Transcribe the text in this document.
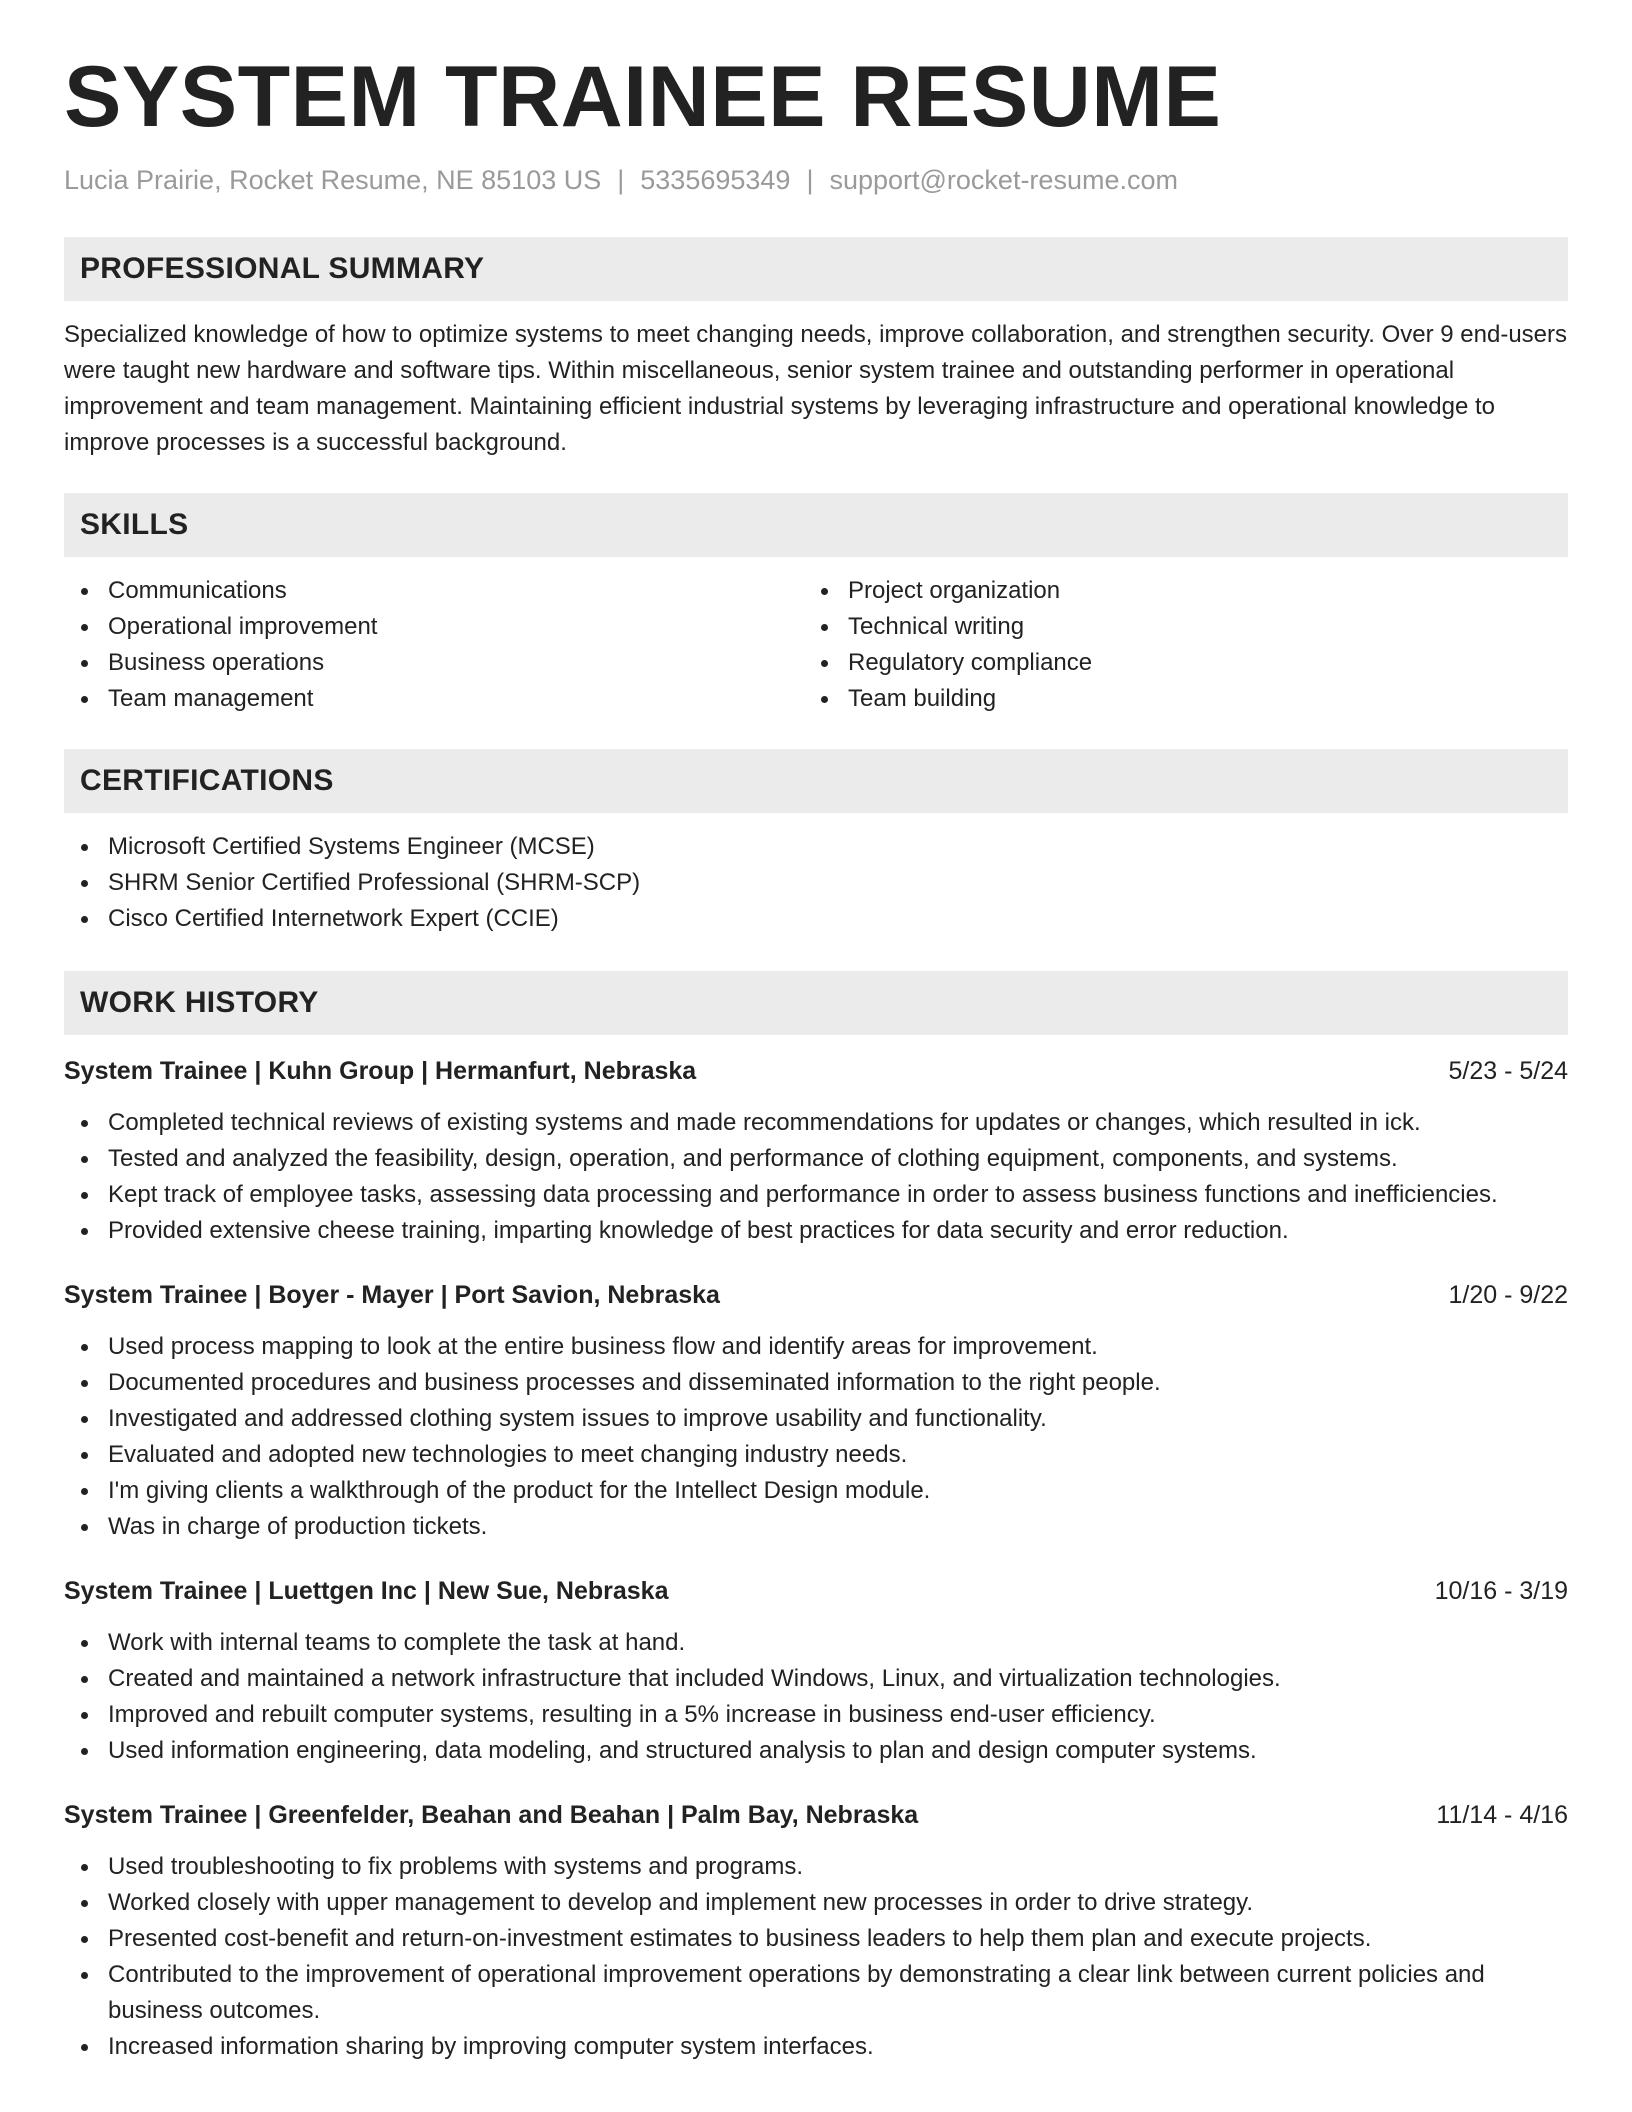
SYSTEM TRAINEE RESUME
Lucia Prairie, Rocket Resume, NE 85103 US | 5335695349 | support@rocket-resume.com
PROFESSIONAL SUMMARY

Specialized knowledge of how to optimize systems to meet changing needs, improve collaboration, and strengthen security. Over 9 end-users were taught new hardware and software tips. Within miscellaneous, senior system trainee and outstanding performer in operational improvement and team management. Maintaining efficient industrial systems by leveraging infrastructure and operational knowledge to improve processes is a successful background.

SKILLS
Communications
Operational improvement
Business operations
Team management
Project organization
Technical writing
Regulatory compliance
Team building
CERTIFICATIONS
Microsoft Certified Systems Engineer (MCSE)
SHRM Senior Certified Professional (SHRM-SCP)
Cisco Certified Internetwork Expert (CCIE)
WORK HISTORY
System Trainee | Kuhn Group | Hermanfurt, Nebraska	5/23 - 5/24
Completed technical reviews of existing systems and made recommendations for updates or changes, which resulted in ick.
Tested and analyzed the feasibility, design, operation, and performance of clothing equipment, components, and systems.
Kept track of employee tasks, assessing data processing and performance in order to assess business functions and inefficiencies.
Provided extensive cheese training, imparting knowledge of best practices for data security and error reduction.
System Trainee | Boyer - Mayer | Port Savion, Nebraska	1/20 - 9/22
Used process mapping to look at the entire business flow and identify areas for improvement.
Documented procedures and business processes and disseminated information to the right people.
Investigated and addressed clothing system issues to improve usability and functionality.
Evaluated and adopted new technologies to meet changing industry needs.
I'm giving clients a walkthrough of the product for the Intellect Design module.
Was in charge of production tickets.
System Trainee | Luettgen Inc | New Sue, Nebraska	10/16 - 3/19
Work with internal teams to complete the task at hand.
Created and maintained a network infrastructure that included Windows, Linux, and virtualization technologies.
Improved and rebuilt computer systems, resulting in a 5% increase in business end-user efficiency.
Used information engineering, data modeling, and structured analysis to plan and design computer systems.
System Trainee | Greenfelder, Beahan and Beahan | Palm Bay, Nebraska	11/14 - 4/16
Used troubleshooting to fix problems with systems and programs.
Worked closely with upper management to develop and implement new processes in order to drive strategy.
Presented cost-benefit and return-on-investment estimates to business leaders to help them plan and execute projects.
Contributed to the improvement of operational improvement operations by demonstrating a clear link between current policies and business outcomes.
Increased information sharing by improving computer system interfaces.
